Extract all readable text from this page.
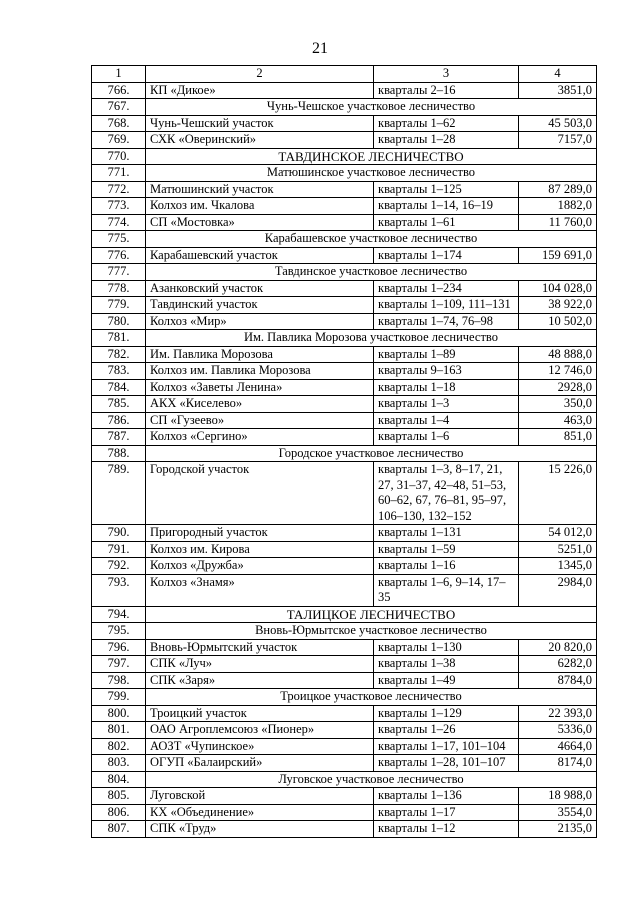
21
1	2	3	4
766.	КП «Дикое»	кварталы 2–16	3851,0
767.	Чунь-Чешское участковое лесничество		
768.	Чунь-Чешский участок	кварталы 1–62	45 503,0
769.	СХК «Оверинский»	кварталы 1–28	7157,0
770.	ТАВДИНСКОЕ ЛЕСНИЧЕСТВО		
771.	Матюшинское участковое лесничество		
772.	Матюшинский участок	кварталы 1–125	87 289,0
773.	Колхоз им. Чкалова	кварталы 1–14, 16–19	1882,0
774.	СП «Мостовка»	кварталы 1–61	11 760,0
775.	Карабашевское участковое лесничество		
776.	Карабашевский участок	кварталы 1–174	159 691,0
777.	Тавдинское участковое лесничество		
778.	Азанковский участок	кварталы 1–234	104 028,0
779.	Тавдинский участок	кварталы 1–109, 111–131	38 922,0
780.	Колхоз «Мир»	кварталы 1–74, 76–98	10 502,0
781.	Им. Павлика Морозова участковое лесничество		
782.	Им. Павлика Морозова	кварталы 1–89	48 888,0
783.	Колхоз им. Павлика Морозова	кварталы 9–163	12 746,0
784.	Колхоз «Заветы Ленина»	кварталы 1–18	2928,0
785.	АКХ «Киселево»	кварталы 1–3	350,0
786.	СП «Гузеево»	кварталы 1–4	463,0
787.	Колхоз «Сергино»	кварталы 1–6	851,0
788.	Городское участковое лесничество		
789.	Городской участок	кварталы 1–3, 8–17, 21, 27, 31–37, 42–48, 51–53, 60–62, 67, 76–81, 95–97, 106–130, 132–152	15 226,0
790.	Пригородный участок	кварталы 1–131	54 012,0
791.	Колхоз им. Кирова	кварталы 1–59	5251,0
792.	Колхоз «Дружба»	кварталы 1–16	1345,0
793.	Колхоз «Знамя»	кварталы 1–6, 9–14, 17–35	2984,0
794.	ТАЛИЦКОЕ ЛЕСНИЧЕСТВО		
795.	Вновь-Юрмытское участковое лесничество		
796.	Вновь-Юрмытский участок	кварталы 1–130	20 820,0
797.	СПК «Луч»	кварталы 1–38	6282,0
798.	СПК «Заря»	кварталы 1–49	8784,0
799.	Троицкое участковое лесничество		
800.	Троицкий участок	кварталы 1–129	22 393,0
801.	ОАО Агроплемсоюз «Пионер»	кварталы 1–26	5336,0
802.	АОЗТ «Чупинское»	кварталы 1–17, 101–104	4664,0
803.	ОГУП «Балаирский»	кварталы 1–28, 101–107	8174,0
804.	Луговское участковое лесничество		
805.	Луговской	кварталы 1–136	18 988,0
806.	КХ «Объединение»	кварталы 1–17	3554,0
807.	СПК «Труд»	кварталы 1–12	2135,0
